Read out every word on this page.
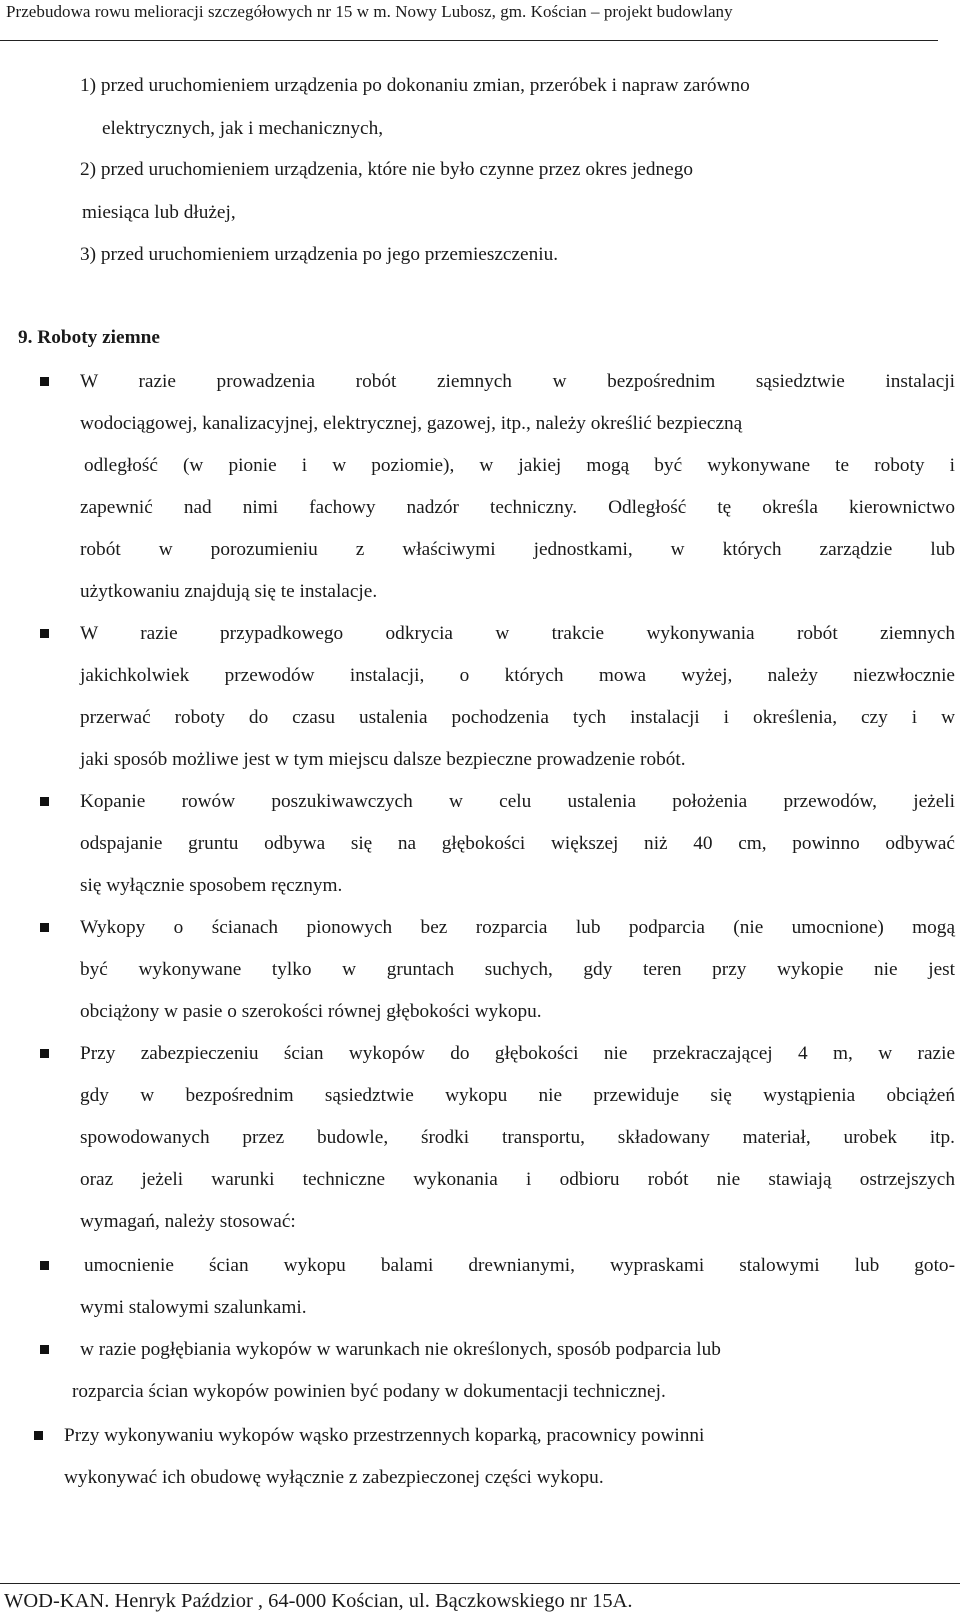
Przebudowa rowu melioracji szczegółowych nr 15 w m. Nowy Lubosz, gm. Kościan – projekt budowlany
1) przed uruchomieniem urządzenia po dokonaniu zmian, przeróbek i napraw zarówno
elektrycznych, jak i mechanicznych,
2) przed uruchomieniem urządzenia, które nie było czynne przez okres jednego
miesiąca lub dłużej,
3) przed uruchomieniem urządzenia po jego przemieszczeniu.
9. Roboty ziemne
W razie prowadzenia robót ziemnych w bezpośrednim sąsiedztwie instalacji
wodociągowej, kanalizacyjnej, elektrycznej, gazowej, itp., należy określić bezpieczną
odległość (w pionie i w poziomie), w jakiej mogą być wykonywane te roboty i
zapewnić nad nimi fachowy nadzór techniczny. Odległość tę określa kierownictwo
robót w porozumieniu z właściwymi jednostkami, w których zarządzie lub
użytkowaniu znajdują się te instalacje.
W razie przypadkowego odkrycia w trakcie wykonywania robót ziemnych
jakichkolwiek przewodów instalacji, o których mowa wyżej, należy niezwłocznie
przerwać roboty do czasu ustalenia pochodzenia tych instalacji i określenia, czy i w
jaki sposób możliwe jest w tym miejscu dalsze bezpieczne prowadzenie robót.
Kopanie rowów poszukiwawczych w celu ustalenia położenia przewodów, jeżeli
odspajanie gruntu odbywa się na głębokości większej niż 40 cm, powinno odbywać
się wyłącznie sposobem ręcznym.
Wykopy o ścianach pionowych bez rozparcia lub podparcia (nie umocnione) mogą
być wykonywane tylko w gruntach suchych, gdy teren przy wykopie nie jest
obciążony w pasie o szerokości równej głębokości wykopu.
Przy zabezpieczeniu ścian wykopów do głębokości nie przekraczającej 4 m, w razie
gdy w bezpośrednim sąsiedztwie wykopu nie przewiduje się wystąpienia obciążeń
spowodowanych przez budowle, środki transportu, składowany materiał, urobek itp.
oraz jeżeli warunki techniczne wykonania i odbioru robót nie stawiają ostrzejszych
wymagań, należy stosować:
umocnienie ścian wykopu balami drewnianymi, wypraskami stalowymi lub goto-
wymi stalowymi szalunkami.
w razie pogłębiania wykopów w warunkach nie określonych, sposób podparcia lub
rozparcia ścian wykopów powinien być podany w dokumentacji technicznej.
Przy wykonywaniu wykopów wąsko przestrzennych koparką, pracownicy powinni
wykonywać ich obudowę wyłącznie z zabezpieczonej części wykopu.
WOD-KAN. Henryk Paździor , 64-000 Kościan, ul. Bączkowskiego nr 15A.
